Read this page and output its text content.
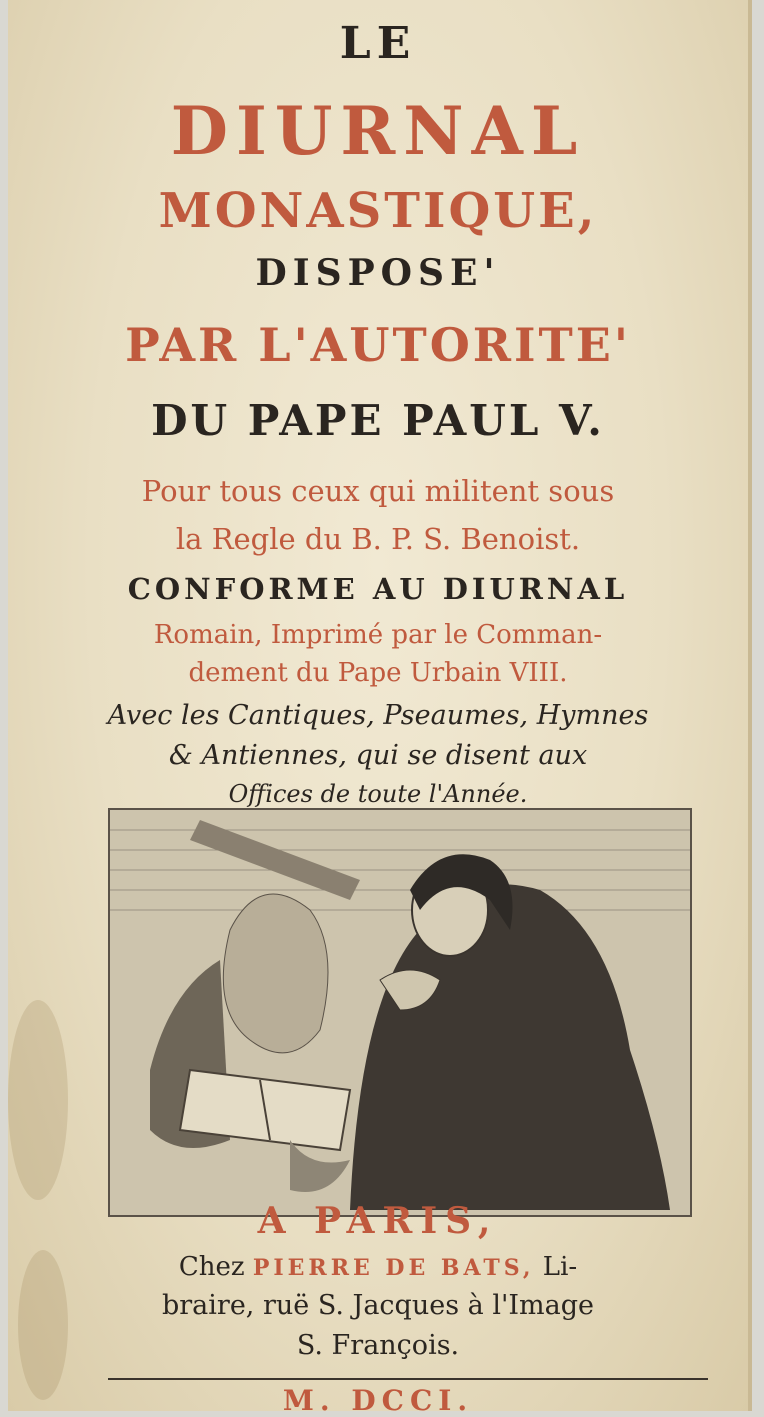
LE
DIURNAL
MONASTIQUE,
DISPOSE'
PAR L'AUTORITE'
DU PAPE PAUL V.
Pour tous ceux qui militent sous
la Regle du B. P. S. Benoist.
CONFORME AU DIURNAL
Romain, Imprimé par le Comman-
dement du Pape Urbain VIII.
Avec les Cantiques, Pseaumes, Hymnes
& Antiennes, qui se disent aux
Offices de toute l'Année.
A PARIS,
Chez PIERRE DE BATS, Li-
braire, ruë S. Jacques à l'Image
S. François.
M. DCCI.
